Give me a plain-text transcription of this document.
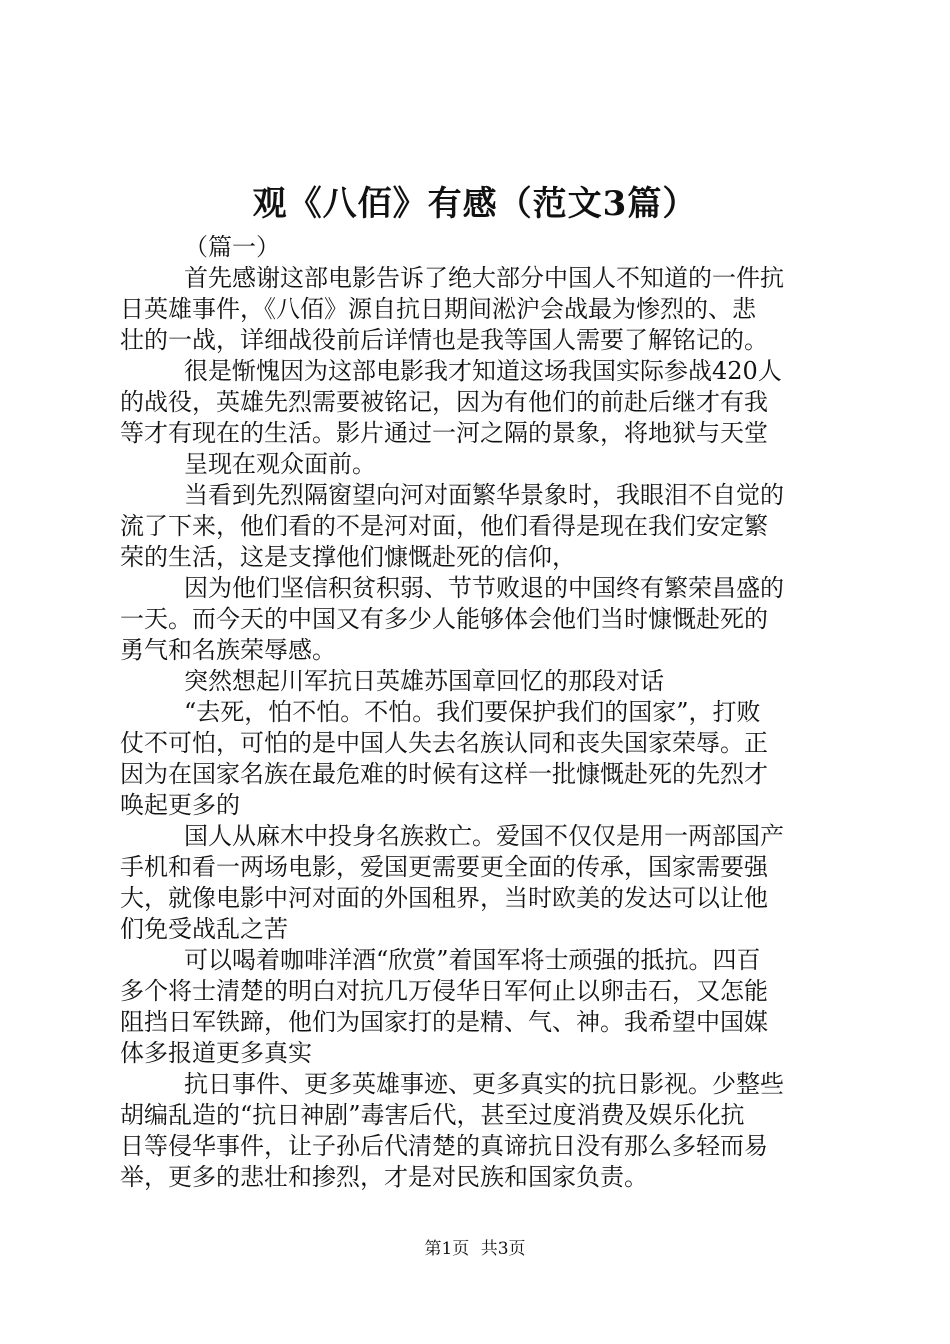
观《八佰》有感（范文3篇）
（篇一）
首先感谢这部电影告诉了绝大部分中国人不知道的一件抗
日英雄事件，《八佰》源自抗日期间淞沪会战最为惨烈的、悲
壮的一战，详细战役前后详情也是我等国人需要了解铭记的。
很是惭愧因为这部电影我才知道这场我国实际参战420人
的战役，英雄先烈需要被铭记，因为有他们的前赴后继才有我
等才有现在的生活。影片通过一河之隔的景象，将地狱与天堂
呈现在观众面前。
当看到先烈隔窗望向河对面繁华景象时，我眼泪不自觉的
流了下来，他们看的不是河对面，他们看得是现在我们安定繁
荣的生活，这是支撑他们慷慨赴死的信仰，
因为他们坚信积贫积弱、节节败退的中国终有繁荣昌盛的
一天。而今天的中国又有多少人能够体会他们当时慷慨赴死的
勇气和名族荣辱感。
突然想起川军抗日英雄苏国章回忆的那段对话
“去死，怕不怕。不怕。我们要保护我们的国家”，打败
仗不可怕，可怕的是中国人失去名族认同和丧失国家荣辱。正
因为在国家名族在最危难的时候有这样一批慷慨赴死的先烈才
唤起更多的
国人从麻木中投身名族救亡。爱国不仅仅是用一两部国产
手机和看一两场电影，爱国更需要更全面的传承，国家需要强
大，就像电影中河对面的外国租界，当时欧美的发达可以让他
们免受战乱之苦
可以喝着咖啡洋酒“欣赏”着国军将士顽强的抵抗。四百
多个将士清楚的明白对抗几万侵华日军何止以卵击石，又怎能
阻挡日军铁蹄，他们为国家打的是精、气、神。我希望中国媒
体多报道更多真实
抗日事件、更多英雄事迹、更多真实的抗日影视。少整些
胡编乱造的“抗日神剧”毒害后代，甚至过度消费及娱乐化抗
日等侵华事件，让子孙后代清楚的真谛抗日没有那么多轻而易
举，更多的悲壮和掺烈，才是对民族和国家负责。
第1页 共3页
